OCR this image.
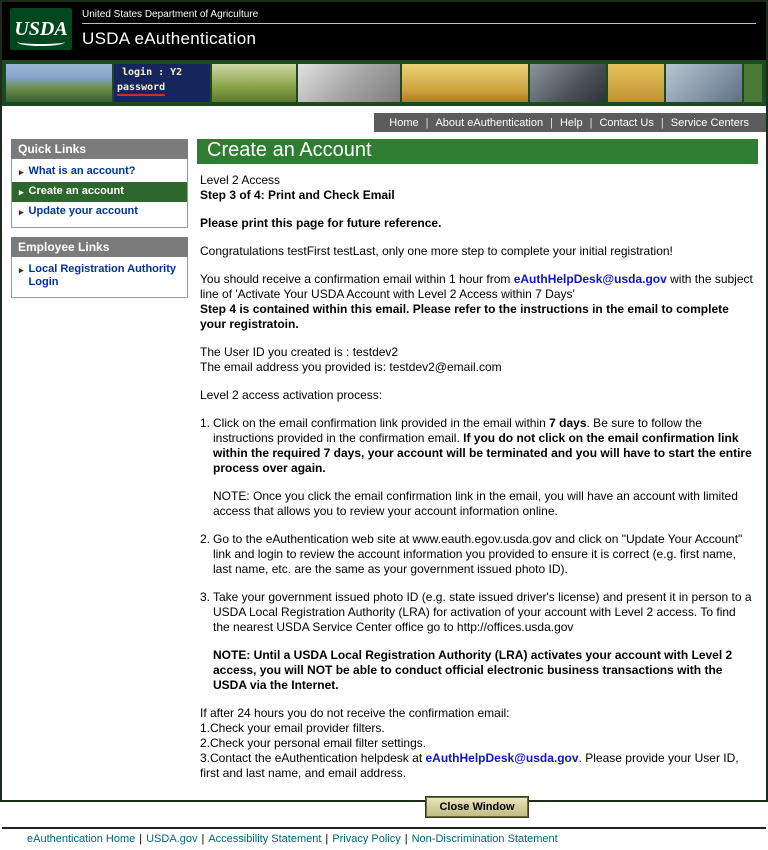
USDA
United States Department of Agriculture
USDA eAuthentication
login : Y2
password
Home | About eAuthentication | Help | Contact Us | Service Centers
Quick Links
▸ What is an account?
▸ Create an account
▸ Update your account
Employee Links
▸ Local Registration Authority Login
Create an Account
Level 2 Access
Step 3 of 4: Print and Check Email
Please print this page for future reference.
Congratulations testFirst testLast, only one more step to complete your initial registration!
You should receive a confirmation email within 1 hour from eAuthHelpDesk@usda.gov with the subject line of 'Activate Your USDA Account with Level 2 Access within 7 Days'
Step 4 is contained within this email. Please refer to the instructions in the email to complete your registratoin.
The User ID you created is : testdev2
The email address you provided is: testdev2@email.com
Level 2 access activation process:
1. Click on the email confirmation link provided in the email within 7 days. Be sure to follow the instructions provided in the confirmation email. If you do not click on the email confirmation link within the required 7 days, your account will be terminated and you will have to start the entire process over again.
NOTE: Once you click the email confirmation link in the email, you will have an account with limited access that allows you to review your account information online.
2. Go to the eAuthentication web site at www.eauth.egov.usda.gov and click on "Update Your Account" link and login to review the account information you provided to ensure it is correct (e.g. first name, last name, etc. are the same as your government issued photo ID).
3. Take your government issued photo ID (e.g. state issued driver's license) and present it in person to a USDA Local Registration Authority (LRA) for activation of your account with Level 2 access. To find the nearest USDA Service Center office go to http://offices.usda.gov
NOTE: Until a USDA Local Registration Authority (LRA) activates your account with Level 2 access, you will NOT be able to conduct official electronic business transactions with the USDA via the Internet.
If after 24 hours you do not receive the confirmation email:
1.Check your email provider filters.
2.Check your personal email filter settings.
3.Contact the eAuthentication helpdesk at eAuthHelpDesk@usda.gov. Please provide your User ID, first and last name, and email address.
Close Window
eAuthentication Home | USDA.gov | Accessibility Statement | Privacy Policy | Non-Discrimination Statement
